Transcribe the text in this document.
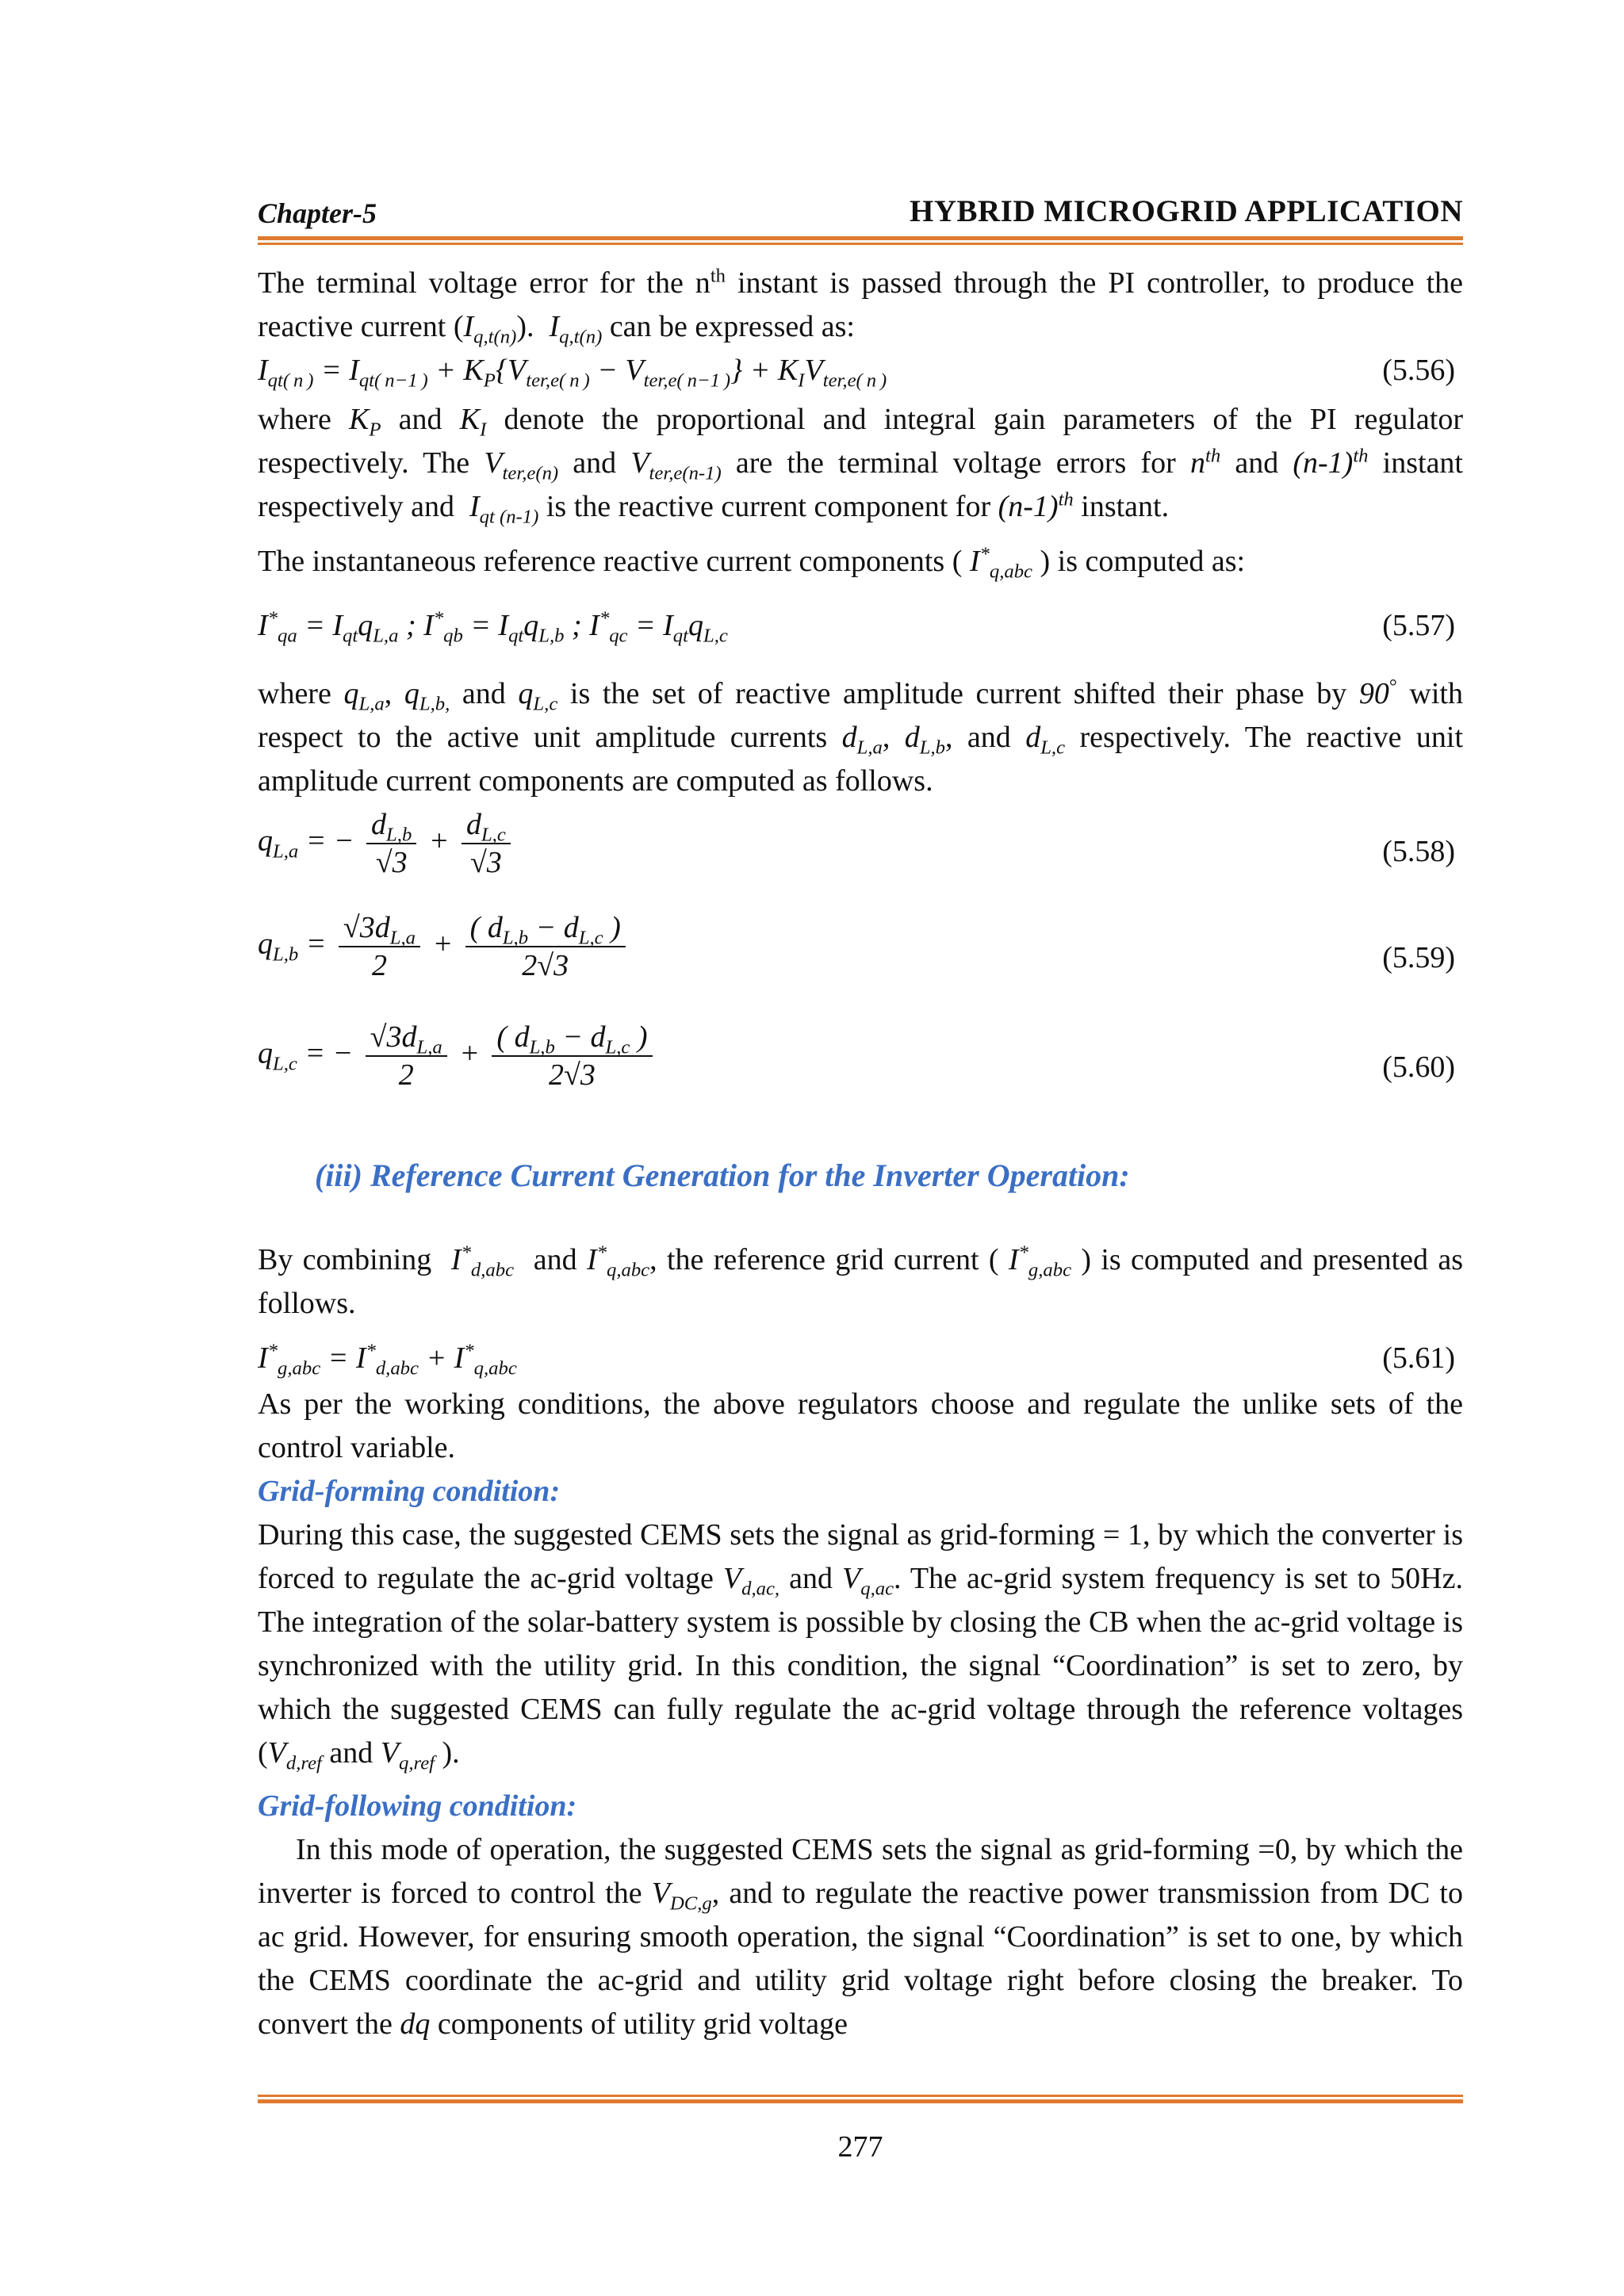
Chapter-5	HYBRID MICROGRID APPLICATION

The terminal voltage error for the $n^{th}$ instant is passed through the PI controller, to produce the reactive current $(I_{q,t(n)})$.  $I_{q,t(n)}$ can be expressed as:

$I_{qt( n )} = I_{qt( n-1 )} + K_P\{V_{ter,e( n )} - V_{ter,e( n-1 )}\} + K_IV_{ter,e( n )}$	(5.56)

where $K_P$ and $K_I$ denote the proportional and integral gain parameters of the PI regulator respectively. The $V_{ter,e(n)}$ and $V_{ter,e(n-1)}$ are the terminal voltage errors for $n^{th}$ and $(n-1)^{th}$ instant respectively and  $I_{qt (n-1)}$ is the reactive current component for $(n-1)^{th}$ instant.

The instantaneous reference reactive current components ( $I^*_{q,abc}$ ) is computed as:

$I^*_{qa} = I_{qt}q_{L,a}$ ; $I^*_{qb} = I_{qt}q_{L,b}$ ; $I^*_{qc} = I_{qt}q_{L,c}$	(5.57)

where $q_{L,a}$, $q_{L,b,}$ and $q_{L,c}$ is the set of reactive amplitude current shifted their phase by 90° with respect to the active unit amplitude currents $d_{L,a}$, $d_{L,b}$, and $d_{L,c}$ respectively. The reactive unit amplitude current components are computed as follows.

$q_{L,a}$ = − $\frac{d_{L,b}}{√3} + \frac{d_{L,c}}{√3}$	(5.58)
$q_{L,b} = \frac{√3d_{L,a}}{2} + \frac{( d_{L,b} - d_{L,c} )}{2√3}$	(5.59)
$q_{L,c}$ = − $\frac{√3d_{L,a}}{2} + \frac{( d_{L,b} - d_{L,c} )}{2√3}$	(5.60)
(iii) Reference Current Generation for the Inverter Operation:

By combining  $I^*_{d,abc}$  and $I^*_{q,abc}$, the reference grid current ( $I^*_{g,abc}$ ) is computed and presented as follows.

$I^*_{g,abc} = I^*_{d,abc} + I^*_{q,abc}$	(5.61)

As per the working conditions, the above regulators choose and regulate the unlike sets of the control variable.

Grid-forming condition:

During this case, the suggested CEMS sets the signal as grid-forming = 1, by which the converter is forced to regulate the ac-grid voltage $V_{d,ac,}$ and $V_{q,ac}$. The ac-grid system frequency is set to 50Hz. The integration of the solar-battery system is possible by closing the CB when the ac-grid voltage is synchronized with the utility grid. In this condition, the signal “Coordination” is set to zero, by which the suggested CEMS can fully regulate the ac-grid voltage through the reference voltages ($V_{d,ref}$ and $V_{q,ref}$ ).

Grid-following condition:

In this mode of operation, the suggested CEMS sets the signal as grid-forming =0, by which the inverter is forced to control the $V_{DC,g}$, and to regulate the reactive power transmission from DC to ac grid. However, for ensuring smooth operation, the signal “Coordination” is set to one, by which the CEMS coordinate the ac-grid and utility grid voltage right before closing the breaker. To convert the dq components of utility grid voltage

277
